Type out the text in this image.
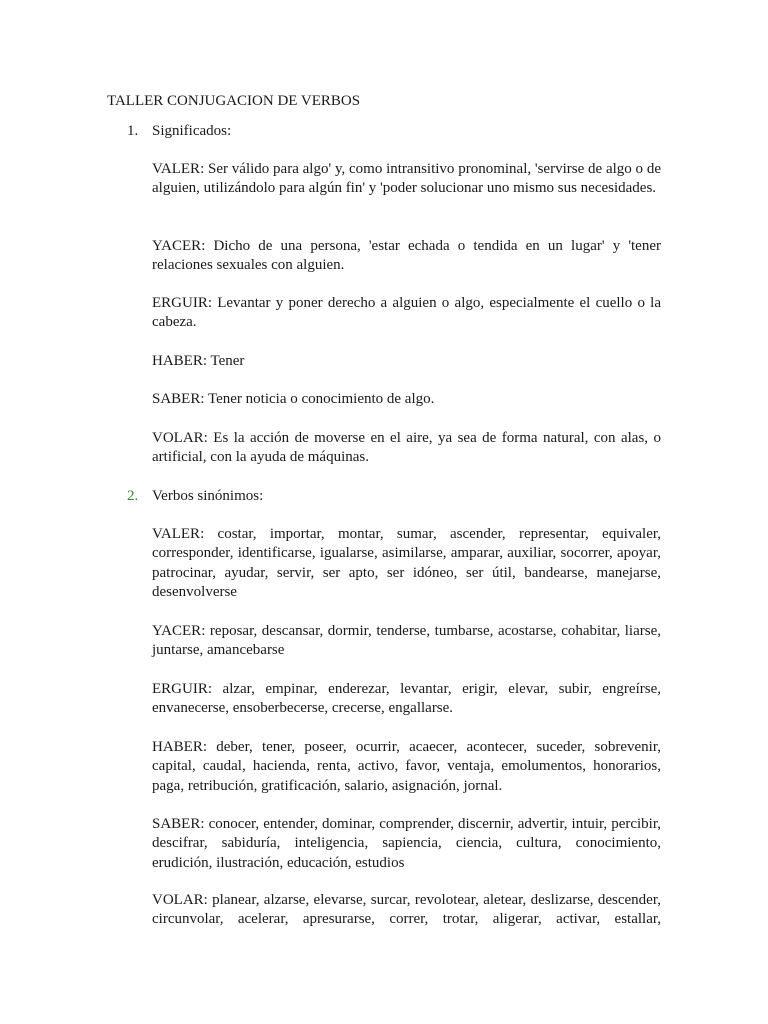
TALLER CONJUGACION DE VERBOS
1. Significados:
VALER: Ser válido para algo' y, como intransitivo pronominal, 'servirse de algo o de alguien, utilizándolo para algún fin' y 'poder solucionar uno mismo sus necesidades.
YACER: Dicho de una persona, 'estar echada o tendida en un lugar' y 'tener relaciones sexuales con alguien.
ERGUIR: Levantar y poner derecho a alguien o algo, especialmente el cuello o la cabeza.
HABER: Tener
SABER: Tener noticia o conocimiento de algo.
VOLAR: Es la acción de moverse en el aire, ya sea de forma natural, con alas, o artificial, con la ayuda de máquinas.
2. Verbos sinónimos:
VALER: costar, importar, montar, sumar, ascender, representar, equivaler, corresponder, identificarse, igualarse, asimilarse, amparar, auxiliar, socorrer, apoyar, patrocinar, ayudar, servir, ser apto, ser idóneo, ser útil, bandearse, manejarse, desenvolverse
YACER: reposar, descansar, dormir, tenderse, tumbarse, acostarse, cohabitar, liarse, juntarse, amancebarse
ERGUIR: alzar, empinar, enderezar, levantar, erigir, elevar, subir, engreírse, envanecerse, ensoberbecerse, crecerse, engallarse.
HABER: deber, tener, poseer, ocurrir, acaecer, acontecer, suceder, sobrevenir, capital, caudal, hacienda, renta, activo, favor, ventaja, emolumentos, honorarios, paga, retribución, gratificación, salario, asignación, jornal.
SABER: conocer, entender, dominar, comprender, discernir, advertir, intuir, percibir, descifrar, sabiduría, inteligencia, sapiencia, ciencia, cultura, conocimiento, erudición, ilustración, educación, estudios
VOLAR: planear, alzarse, elevarse, surcar, revolotear, aletear, deslizarse, descender, circunvolar, acelerar, apresurarse, correr, trotar, aligerar, activar, estallar,
